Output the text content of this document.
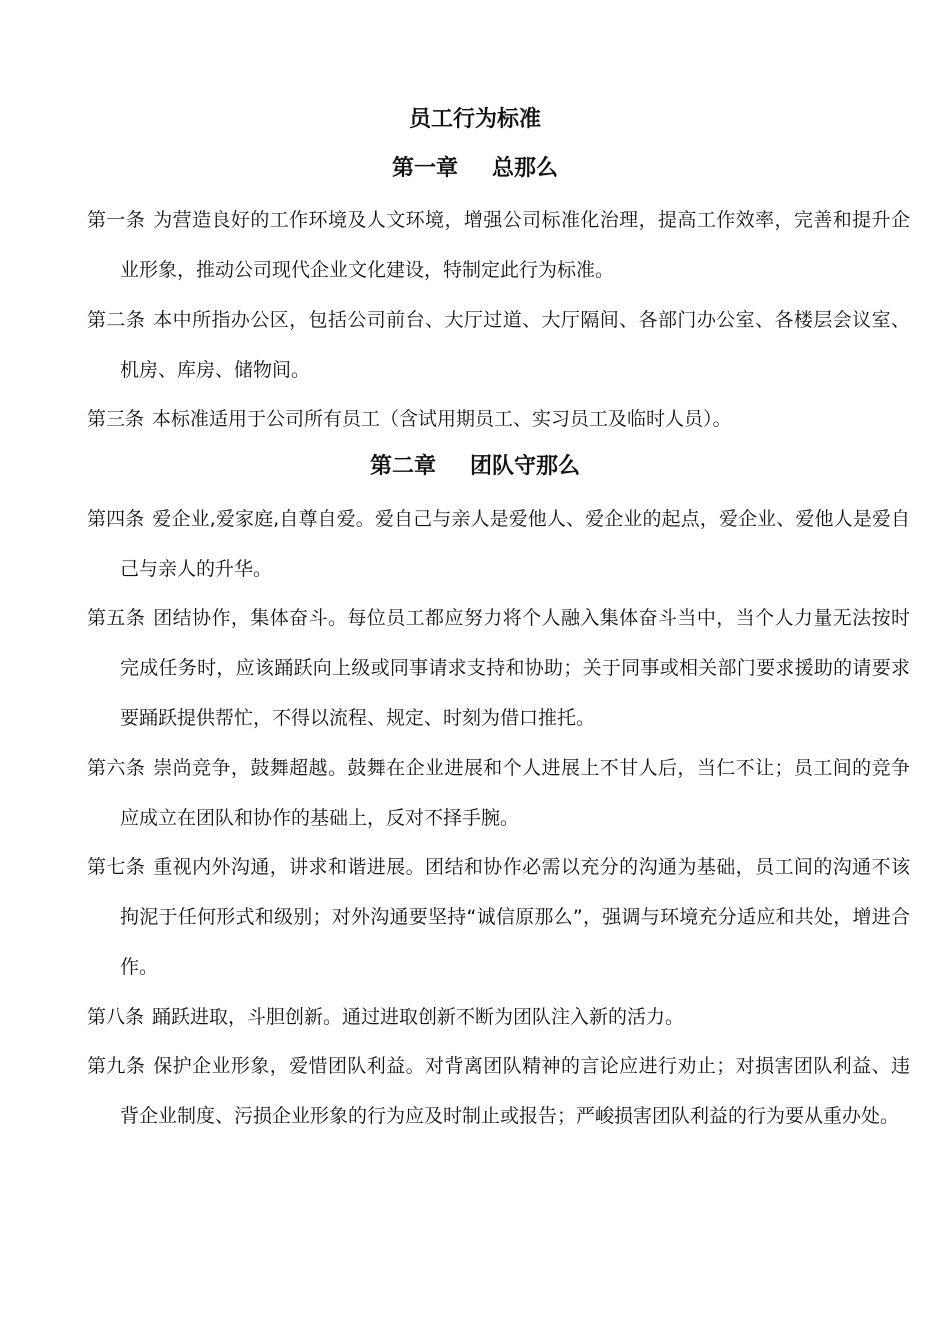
员工行为标准
第一章 总那么
第一条 为营造良好的工作环境及人文环境，增强公司标准化治理，提高工作效率，完善和提升企业形象，推动公司现代企业文化建设，特制定此行为标准。
第二条 本中所指办公区，包括公司前台、大厅过道、大厅隔间、各部门办公室、各楼层会议室、机房、库房、储物间。
第三条 本标准适用于公司所有员工（含试用期员工、实习员工及临时人员）。
第二章 团队守那么
第四条 爱企业,爱家庭,自尊自爱。爱自己与亲人是爱他人、爱企业的起点，爱企业、爱他人是爱自己与亲人的升华。
第五条 团结协作，集体奋斗。每位员工都应努力将个人融入集体奋斗当中，当个人力量无法按时完成任务时，应该踊跃向上级或同事请求支持和协助；关于同事或相关部门要求援助的请要求要踊跃提供帮忙，不得以流程、规定、时刻为借口推托。
第六条 崇尚竞争，鼓舞超越。鼓舞在企业进展和个人进展上不甘人后，当仁不让；员工间的竞争应成立在团队和协作的基础上，反对不择手腕。
第七条 重视内外沟通，讲求和谐进展。团结和协作必需以充分的沟通为基础，员工间的沟通不该拘泥于任何形式和级别；对外沟通要坚持“诚信原那么”，强调与环境充分适应和共处，增进合作。
第八条 踊跃进取，斗胆创新。通过进取创新不断为团队注入新的活力。
第九条 保护企业形象，爱惜团队利益。对背离团队精神的言论应进行劝止；对损害团队利益、违背企业制度、污损企业形象的行为应及时制止或报告；严峻损害团队利益的行为要从重办处。
